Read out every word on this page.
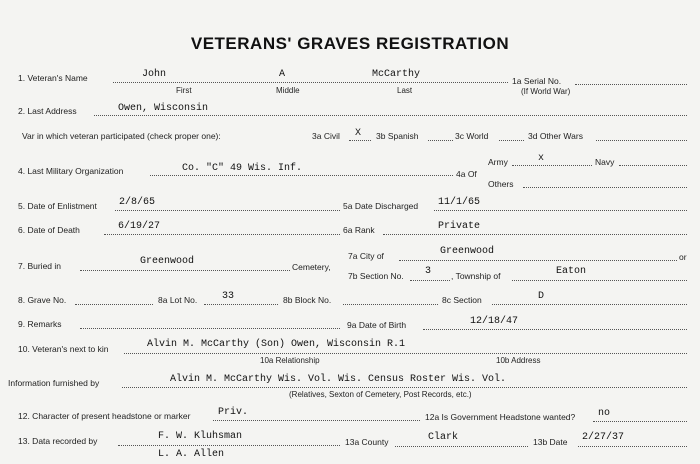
VETERANS' GRAVES REGISTRATION
1. Veteran's Name	John	A	McCarthy
First	Middle	Last
1a Serial No.
(If World War)
2. Last Address	Owen, Wisconsin
Var in which veteran participated (check proper one):	3a Civil X 3b Spanish	3c World	3d Other Wars
4. Last Military Organization	Co. "C" 49 Wis. Inf.	4a Of
Army	x	Navy
Others
5. Date of Enlistment 2/8/65	5a Date Discharged 11/1/65
6. Date of Death	6/19/27	6a Rank	Private
7. Buried in	Greenwood	Cemetery,
7a City of	Greenwood	or
7b Section No. 3 , Township of	Eaton
8. Grave No.	8a Lot No. 33	8b Block No.	8c Section	D
9. Remarks	9a Date of Birth	12/18/47
10. Veteran's next to kin	Alvin M. McCarthy (Son) Owen, Wisconsin R.1
10a Relationship	10b Address
Information furnished by	Alvin M. McCarthy Wis. Vol. Wis. Census Roster Wis. Vol.
(Relatives, Sexton of Cemetery, Post Records, etc.)
12. Character of present headstone or marker	Priv.	12a Is Government Headstone wanted? no
13. Data recorded by	F. W. Kluhsman
L. A. Allen
13a County	Clark	13b Date 2/27/37
